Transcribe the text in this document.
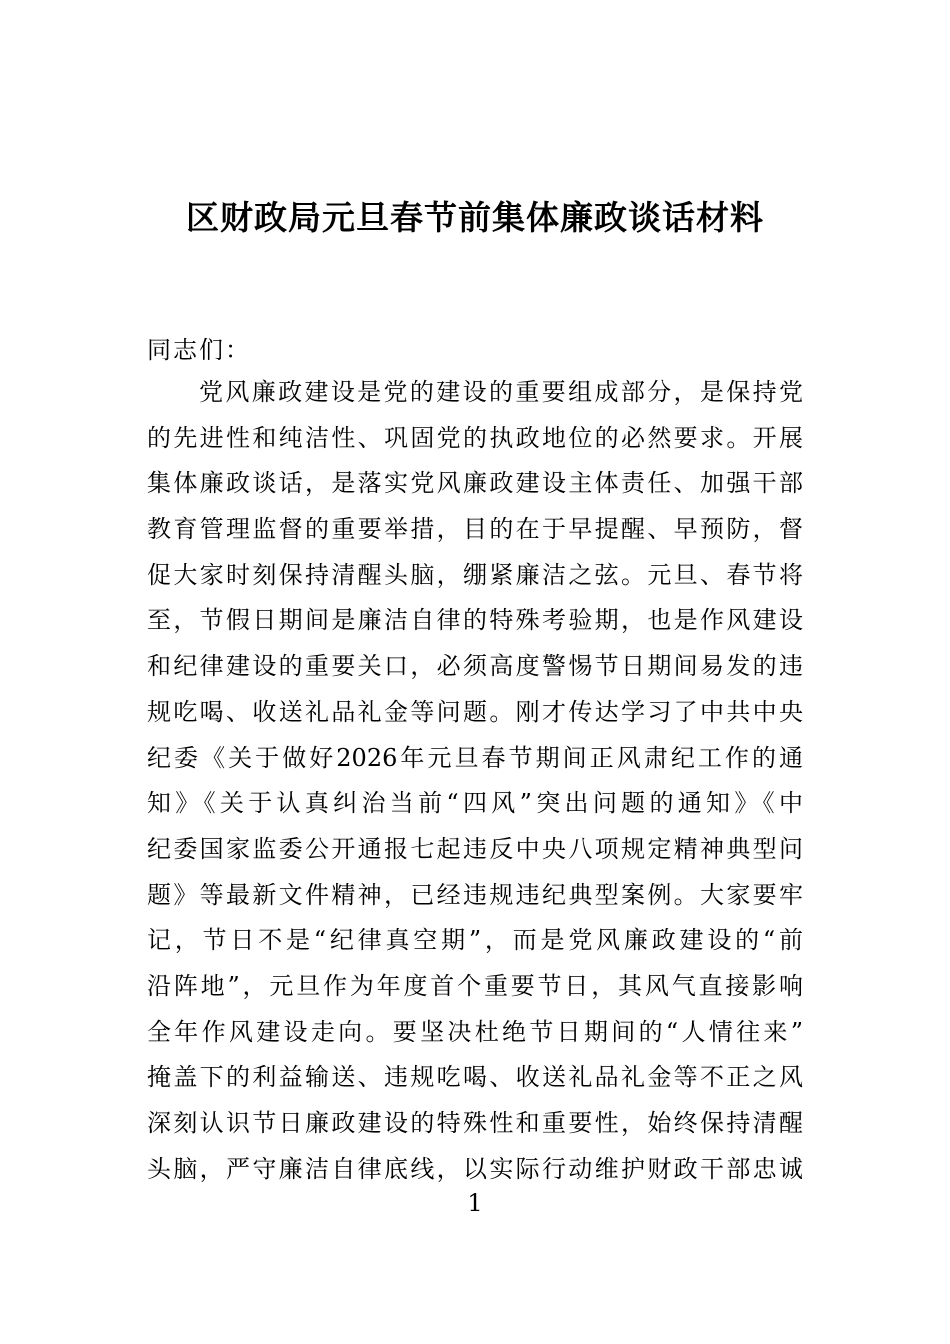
区财政局元旦春节前集体廉政谈话材料

同志们：

党风廉政建设是党的建设的重要组成部分，是保持党
的先进性和纯洁性、巩固党的执政地位的必然要求。开展
集体廉政谈话，是落实党风廉政建设主体责任、加强干部
教育管理监督的重要举措，目的在于早提醒、早预防，督
促大家时刻保持清醒头脑，绷紧廉洁之弦。元旦、春节将
至，节假日期间是廉洁自律的特殊考验期，也是作风建设
和纪律建设的重要关口，必须高度警惕节日期间易发的违
规吃喝、收送礼品礼金等问题。刚才传达学习了中共中央
纪委《关于做好2026年元旦春节期间正风肃纪工作的通
知》《关于认真纠治当前“四风”突出问题的通知》《中
纪委国家监委公开通报七起违反中央八项规定精神典型问
题》等最新文件精神，已经违规违纪典型案例。大家要牢
记，节日不是“纪律真空期”，而是党风廉政建设的“前
沿阵地”，元旦作为年度首个重要节日，其风气直接影响
全年作风建设走向。要坚决杜绝节日期间的“人情往来”
掩盖下的利益输送、违规吃喝、收送礼品礼金等不正之风
深刻认识节日廉政建设的特殊性和重要性，始终保持清醒
头脑，严守廉洁自律底线，以实际行动维护财政干部忠诚
1
